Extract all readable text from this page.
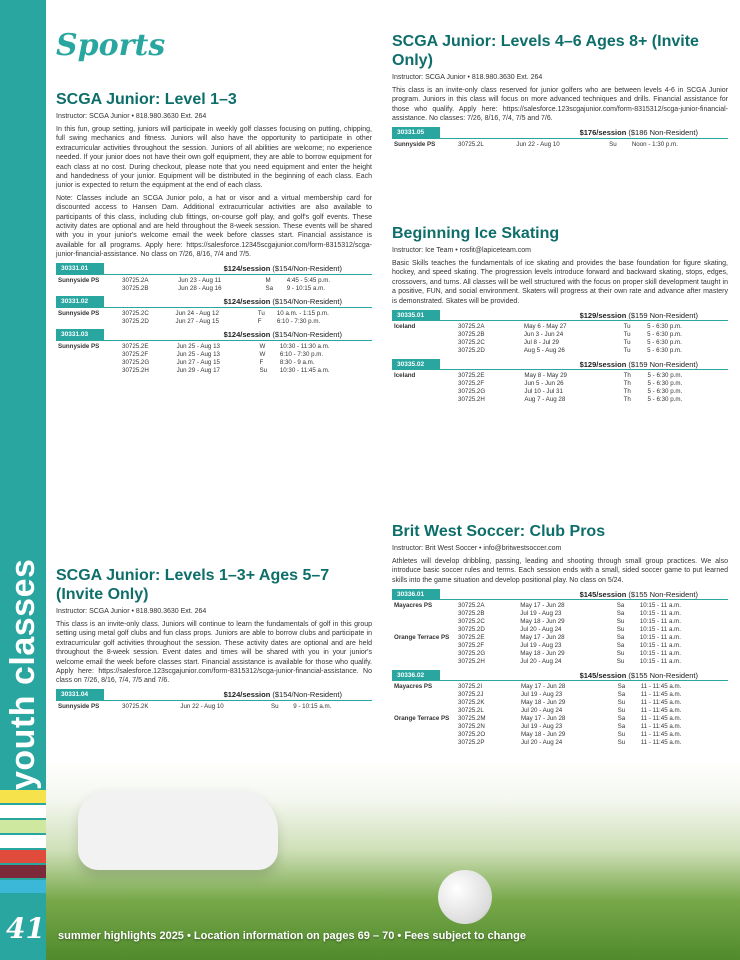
Sports
SCGA Junior: Level 1–3
Instructor: SCGA Junior • 818.980.3630 Ext. 264
In this fun, group setting, juniors will participate in weekly golf classes focusing on putting, chipping, full swing mechanics and fitness. Juniors will also have the opportunity to participate in other extracurricular activities throughout the session. Juniors of all abilities are welcome; no experience needed. If your junior does not have their own golf equipment, they are able to borrow equipment for each class at no cost. During checkout, please note that you need equipment and enter the height and handedness of your junior. Equipment will be distributed in the beginning of each class. Each junior is expected to return the equipment at the end of each class.
Note: Classes include an SCGA Junior polo, a hat or visor and a virtual membership card for discounted access to Hansen Dam. Additional extracurricular activities are also available to participants of this class, including club fittings, on-course golf play, and golf's golf events. These activity dates are optional and are held throughout the 8-week session. These events will be shared with you in your junior's welcome email the week before classes start. Financial assistance is available for all programs. Apply here: https://salesforce.12345scgajunior.com/form-8315312/scga-junior-financial-assistance. No class on 7/26, 8/16, 7/4 and 7/5.
30331.01	$124/session ($154/Non-Resident)
Sunnyside PS	30725.2A	Jun 23 - Aug 11	M	4:45 - 5:45 p.m.
	30725.2B	Jun 28 - Aug 16	Sa	9 - 10:15 a.m.
30331.02	$124/session ($154/Non-Resident)
Sunnyside PS	30725.2C	Jun 24 - Aug 12	Tu	10 a.m. - 1:15 p.m.
	30725.2D	Jun 27 - Aug 15	F	6:10 - 7:30 p.m.
30331.03	$124/session ($154/Non-Resident)
Sunnyside PS	30725.2E	Jun 25 - Aug 13	W	10:30 - 11:30 a.m.
	30725.2F	Jun 25 - Aug 13	W	6:10 - 7:30 p.m.
	30725.2G	Jun 27 - Aug 15	F	8:30 - 9 a.m.
	30725.2H	Jun 29 - Aug 17	Su	10:30 - 11:45 a.m.
SCGA Junior: Levels 1–3+ Ages 5–7 (Invite Only)
Instructor: SCGA Junior • 818.980.3630 Ext. 264
This class is an invite-only class. Juniors will continue to learn the fundamentals of golf in this group setting using metal golf clubs and fun class props. Juniors are able to borrow clubs and participate in extracurricular golf activities throughout the session. These activity dates are optional and are held throughout the 8-week session. Event dates and times will be shared with you in your junior's welcome email the week before classes start. Financial assistance is available for those who qualify. Apply here: https://salesforce.123scgajunior.com/form-8315312/scga-junior-financial-assistance. No class on 7/26, 8/16, 7/4, 7/5 and 7/6.
30331.04	$124/session ($154/Non-Resident)
Sunnyside PS	30725.2K	Jun 22 - Aug 10	Su	9 - 10:15 a.m.
SCGA Junior: Levels 4–6 Ages 8+ (Invite Only)
Instructor: SCGA Junior • 818.980.3630 Ext. 264
This class is an invite-only class reserved for junior golfers who are between levels 4-6 in SCGA Junior program. Juniors in this class will focus on more advanced techniques and drills. Financial assistance for those who qualify. Apply here: https://salesforce.123scgajunior.com/form-8315312/scga-junior-financial-assistance. No classes: 7/26, 8/16, 7/4, 7/5 and 7/6.
30331.05	$176/session ($186 Non-Resident)
Sunnyside PS	30725.2L	Jun 22 - Aug 10	Su	Noon - 1:30 p.m.
Beginning Ice Skating
Instructor: Ice Team • rosfit@lapiceteam.com
Basic Skills teaches the fundamentals of ice skating and provides the base foundation for figure skating, hockey, and speed skating. The progression levels introduce forward and backward skating, stops, edges, crossovers, and turns. All classes will be well structured with the focus on proper skill development taught in a positive, FUN, and social environment. Skaters will progress at their own rate and advance after mastery is demonstrated. Skates will be provided.
30335.01	$129/session ($159 Non-Resident)
Iceland	30725.2A	May 6 - May 27	Tu	5 - 6:30 p.m.
	30725.2B	Jun 3 - Jun 24	Tu	5 - 6:30 p.m.
	30725.2C	Jul 8 - Jul 29	Tu	5 - 6:30 p.m.
	30725.2D	Aug 5 - Aug 26	Tu	5 - 6:30 p.m.
30335.02	$129/session ($159 Non-Resident)
Iceland	30725.2E	May 8 - May 29	Th	5 - 6:30 p.m.
	30725.2F	Jun 5 - Jun 26	Th	5 - 6:30 p.m.
	30725.2G	Jul 10 - Jul 31	Th	5 - 6:30 p.m.
	30725.2H	Aug 7 - Aug 28	Th	5 - 6:30 p.m.
Brit West Soccer: Club Pros
Instructor: Brit West Soccer • info@britwestsoccer.com
Athletes will develop dribbling, passing, leading and shooting through small group practices. We also introduce basic soccer rules and terms. Each session ends with a small, sided soccer game to put learned skills into the game situation and develop positional play. No class on 5/24.
30336.01	$145/session ($155 Non-Resident)
Mayacres PS	30725.2A	May 17 - Jun 28	Sa	10:15 - 11 a.m.
	30725.2B	Jul 19 - Aug 23	Sa	10:15 - 11 a.m.
	30725.2C	May 18 - Jun 29	Su	10:15 - 11 a.m.
	30725.2D	Jul 20 - Aug 24	Su	10:15 - 11 a.m.
Orange Terrace PS	30725.2E	May 17 - Jun 28	Sa	10:15 - 11 a.m.
	30725.2F	Jul 19 - Aug 23	Sa	10:15 - 11 a.m.
	30725.2G	May 18 - Jun 29	Su	10:15 - 11 a.m.
	30725.2H	Jul 20 - Aug 24	Su	10:15 - 11 a.m.
30336.02	$145/session ($155 Non-Resident)
Mayacres PS	30725.2I	May 17 - Jun 28	Sa	11 - 11:45 a.m.
	30725.2J	Jul 19 - Aug 23	Sa	11 - 11:45 a.m.
	30725.2K	May 18 - Jun 29	Su	11 - 11:45 a.m.
	30725.2L	Jul 20 - Aug 24	Su	11 - 11:45 a.m.
Orange Terrace PS	30725.2M	May 17 - Jun 28	Sa	11 - 11:45 a.m.
	30725.2N	Jul 19 - Aug 23	Sa	11 - 11:45 a.m.
	30725.2O	May 18 - Jun 29	Su	11 - 11:45 a.m.
	30725.2P	Jul 20 - Aug 24	Su	11 - 11:45 a.m.
41 summer highlights 2025 • Location information on pages 69 – 70 • Fees subject to change
